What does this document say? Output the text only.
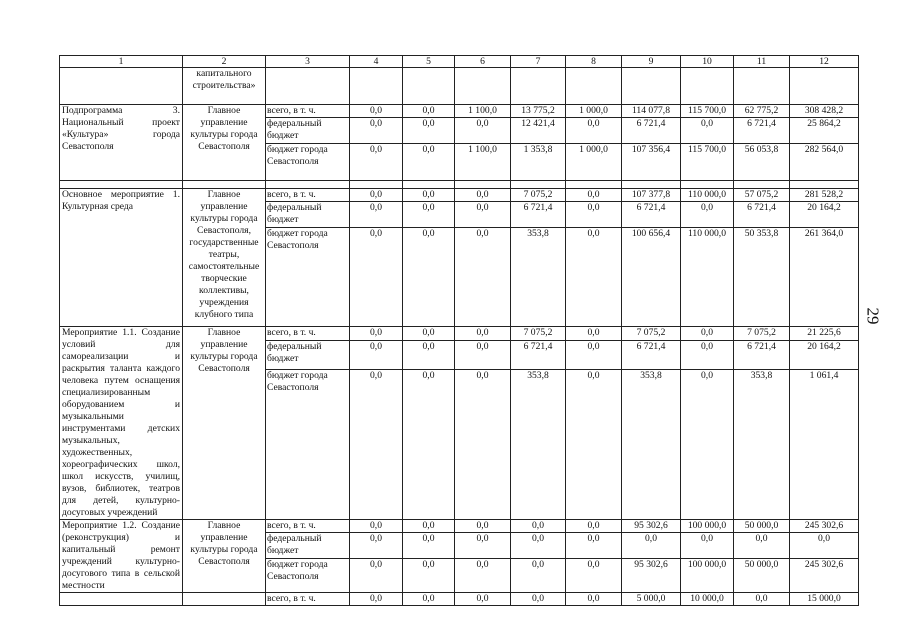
1	2	3	4	5	6	7	8	9	10	11	12
	капитального строительства»										
Подпрограмма 3. Национальный проект «Культура» города Севастополя	Главное управление культуры города Севастополя	всего, в т. ч.	0,0	0,0	1 100,0	13 775,2	1 000,0	114 077,8	115 700,0	62 775,2	308 428,2
		федеральный бюджет	0,0	0,0	0,0	12 421,4	0,0	6 721,4	0,0	6 721,4	25 864,2
		бюджет города Севастополя	0,0	0,0	1 100,0	1 353,8	1 000,0	107 356,4	115 700,0	56 053,8	282 564,0

Основное мероприятие 1. Культурная среда	Главное управление культуры города Севастополя, государственные театры, самостоятельные творческие коллективы, учреждения клубного типа	всего, в т. ч.	0,0	0,0	0,0	7 075,2	0,0	107 377,8	110 000,0	57 075,2	281 528,2
		федеральный бюджет	0,0	0,0	0,0	6 721,4	0,0	6 721,4	0,0	6 721,4	20 164,2
		бюджет города Севастополя	0,0	0,0	0,0	353,8	0,0	100 656,4	110 000,0	50 353,8	261 364,0
Мероприятие 1.1. Создание условий для самореализации и раскрытия таланта каждого человека путем оснащения специализированным оборудованием и музыкальными инструментами детских музыкальных, художественных, хореографических школ, школ искусств, училищ, вузов, библиотек, театров для детей, культурно-досуговых учреждений	Главное управление культуры города Севастополя	всего, в т. ч.	0,0	0,0	0,0	7 075,2	0,0	7 075,2	0,0	7 075,2	21 225,6
		федеральный бюджет	0,0	0,0	0,0	6 721,4	0,0	6 721,4	0,0	6 721,4	20 164,2
		бюджет города Севастополя	0,0	0,0	0,0	353,8	0,0	353,8	0,0	353,8	1 061,4
Мероприятие 1.2. Создание (реконструкция) и капитальный ремонт учреждений культурно-досугового типа в сельской местности	Главное управление культуры города Севастополя	всего, в т. ч.	0,0	0,0	0,0	0,0	0,0	95 302,6	100 000,0	50 000,0	245 302,6
		федеральный бюджет	0,0	0,0	0,0	0,0	0,0	0,0	0,0	0,0	0,0
		бюджет города Севастополя	0,0	0,0	0,0	0,0	0,0	95 302,6	100 000,0	50 000,0	245 302,6
		всего, в т. ч.	0,0	0,0	0,0	0,0	0,0	5 000,0	10 000,0	0,0	15 000,0
29
